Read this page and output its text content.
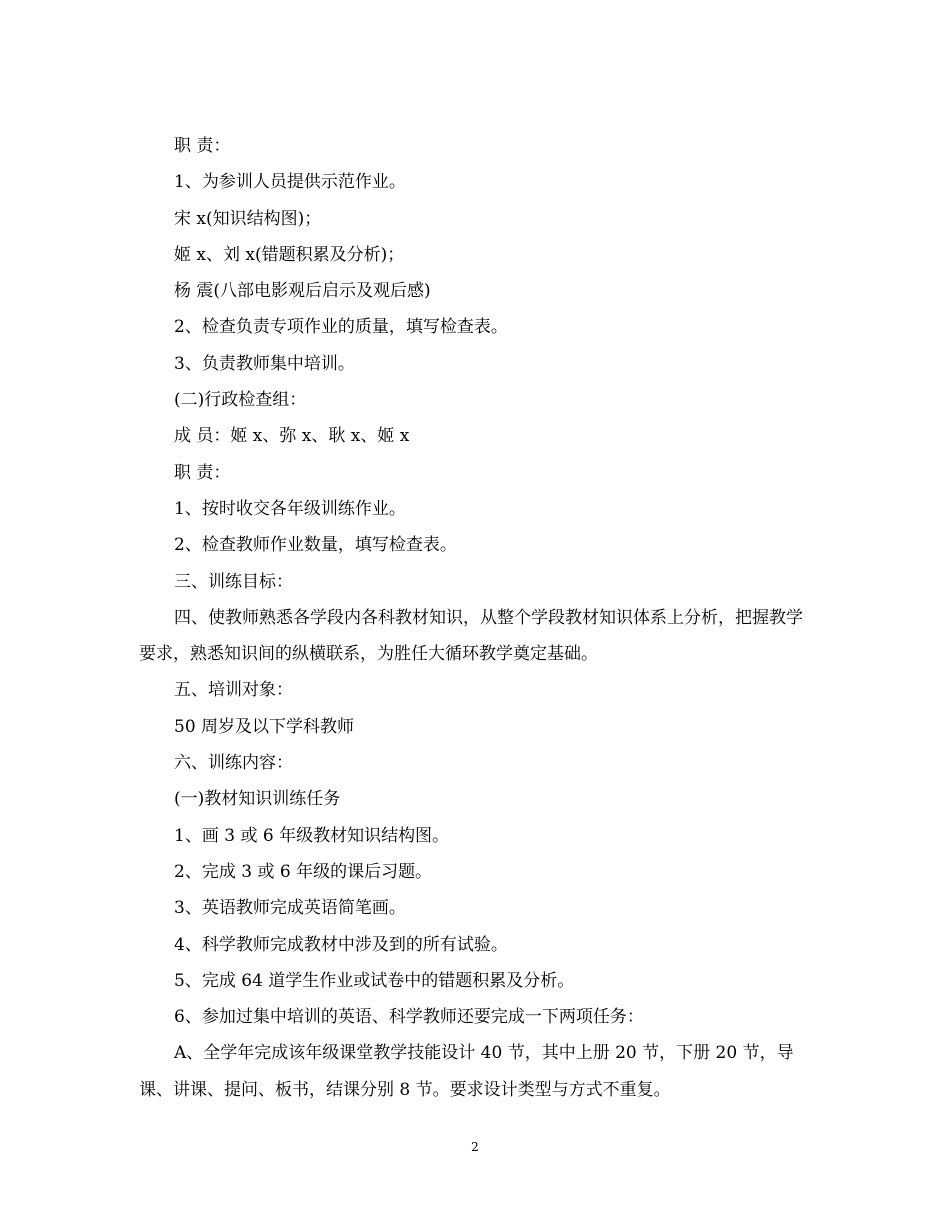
职 责：

1、为参训人员提供示范作业。

宋 x(知识结构图)；

姬 x、刘 x(错题积累及分析)；

杨 震(八部电影观后启示及观后感)

2、检查负责专项作业的质量，填写检查表。

3、负责教师集中培训。

(二)行政检查组：

成 员：姬 x、弥 x、耿 x、姬 x

职 责：

1、按时收交各年级训练作业。

2、检查教师作业数量，填写检查表。

三、训练目标：

四、使教师熟悉各学段内各科教材知识，从整个学段教材知识体系上分析，把握教学要求，熟悉知识间的纵横联系，为胜任大循环教学奠定基础。

五、培训对象：

50 周岁及以下学科教师

六、训练内容：

(一)教材知识训练任务

1、画 3 或 6 年级教材知识结构图。

2、完成 3 或 6 年级的课后习题。

3、英语教师完成英语简笔画。

4、科学教师完成教材中涉及到的所有试验。

5、完成 64 道学生作业或试卷中的错题积累及分析。

6、参加过集中培训的英语、科学教师还要完成一下两项任务：

A、全学年完成该年级课堂教学技能设计 40 节，其中上册 20 节，下册 20 节，导课、讲课、提问、板书，结课分别 8 节。要求设计类型与方式不重复。

2
